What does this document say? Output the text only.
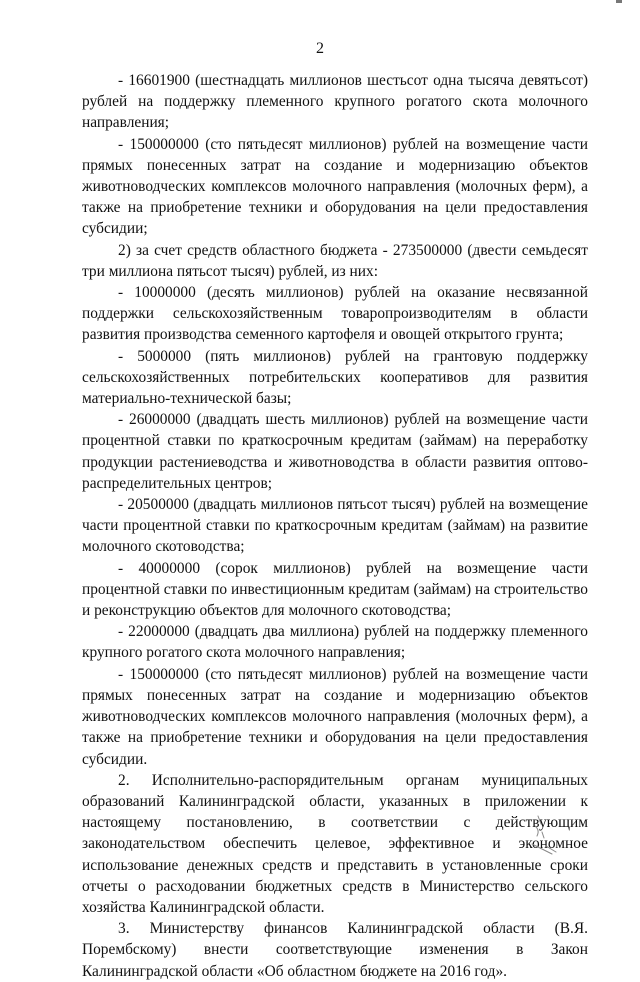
2

- 16601900 (шестнадцать миллионов шестьсот одна тысяча девятьсот) рублей на поддержку племенного крупного рогатого скота молочного направления;

- 150000000 (сто пятьдесят миллионов) рублей на возмещение части прямых понесенных затрат на создание и модернизацию объектов животноводческих комплексов молочного направления (молочных ферм), а также на приобретение техники и оборудования на цели предоставления субсидии;

2) за счет средств областного бюджета - 273500000 (двести семьдесят три миллиона пятьсот тысяч) рублей, из них:

- 10000000 (десять миллионов) рублей на оказание несвязанной поддержки сельскохозяйственным товаропроизводителям в области развития производства семенного картофеля и овощей открытого грунта;

- 5000000 (пять миллионов) рублей на грантовую поддержку сельскохозяйственных потребительских кооперативов для развития материально-технической базы;

- 26000000 (двадцать шесть миллионов) рублей на возмещение части процентной ставки по краткосрочным кредитам (займам) на переработку продукции растениеводства и животноводства в области развития оптово-распределительных центров;

- 20500000 (двадцать миллионов пятьсот тысяч) рублей на возмещение части процентной ставки по краткосрочным кредитам (займам) на развитие молочного скотоводства;

- 40000000 (сорок миллионов) рублей на возмещение части процентной ставки по инвестиционным кредитам (займам) на строительство и реконструкцию объектов для молочного скотоводства;

- 22000000 (двадцать два миллиона) рублей на поддержку племенного крупного рогатого скота молочного направления;

- 150000000 (сто пятьдесят миллионов) рублей на возмещение части прямых понесенных затрат на создание и модернизацию объектов животноводческих комплексов молочного направления (молочных ферм), а также на приобретение техники и оборудования на цели предоставления субсидии.

2. Исполнительно-распорядительным органам муниципальных образований Калининградской области, указанных в приложении к настоящему постановлению, в соответствии с действующим законодательством обеспечить целевое, эффективное и экономное использование денежных средств и представить в установленные сроки отчеты о расходовании бюджетных средств в Министерство сельского хозяйства Калининградской области.

3. Министерству финансов Калининградской области (В.Я. Порембскому) внести соответствующие изменения в Закон Калининградской области «Об областном бюджете на 2016 год».
